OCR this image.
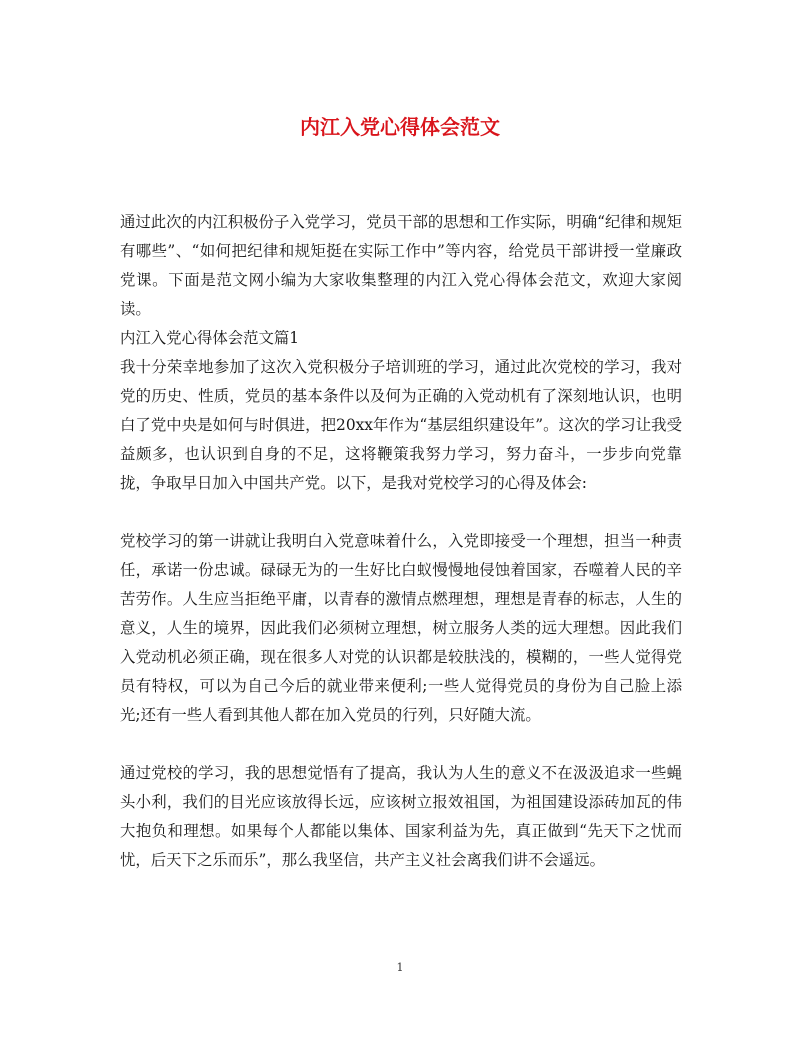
内江入党心得体会范文

通过此次的内江积极份子入党学习，党员干部的思想和工作实际，明确“纪律和规矩有哪些”、“如何把纪律和规矩挺在实际工作中”等内容，给党员干部讲授一堂廉政党课。下面是范文网小编为大家收集整理的内江入党心得体会范文，欢迎大家阅读。

内江入党心得体会范文篇1

我十分荣幸地参加了这次入党积极分子培训班的学习，通过此次党校的学习，我对党的历史、性质，党员的基本条件以及何为正确的入党动机有了深刻地认识，也明白了党中央是如何与时俱进，把20xx年作为“基层组织建设年”。这次的学习让我受益颇多，也认识到自身的不足，这将鞭策我努力学习，努力奋斗，一步步向党靠拢，争取早日加入中国共产党。以下，是我对党校学习的心得及体会:

党校学习的第一讲就让我明白入党意味着什么，入党即接受一个理想，担当一种责任，承诺一份忠诚。碌碌无为的一生好比白蚁慢慢地侵蚀着国家，吞噬着人民的辛苦劳作。人生应当拒绝平庸，以青春的激情点燃理想，理想是青春的标志，人生的意义，人生的境界，因此我们必须树立理想，树立服务人类的远大理想。因此我们入党动机必须正确，现在很多人对党的认识都是较肤浅的，模糊的，一些人觉得党员有特权，可以为自己今后的就业带来便利;一些人觉得党员的身份为自己脸上添光;还有一些人看到其他人都在加入党员的行列，只好随大流。

通过党校的学习，我的思想觉悟有了提高，我认为人生的意义不在汲汲追求一些蝇头小利，我们的目光应该放得长远，应该树立报效祖国，为祖国建设添砖加瓦的伟大抱负和理想。如果每个人都能以集体、国家利益为先，真正做到“先天下之忧而忧，后天下之乐而乐”，那么我坚信，共产主义社会离我们讲不会遥远。

1
